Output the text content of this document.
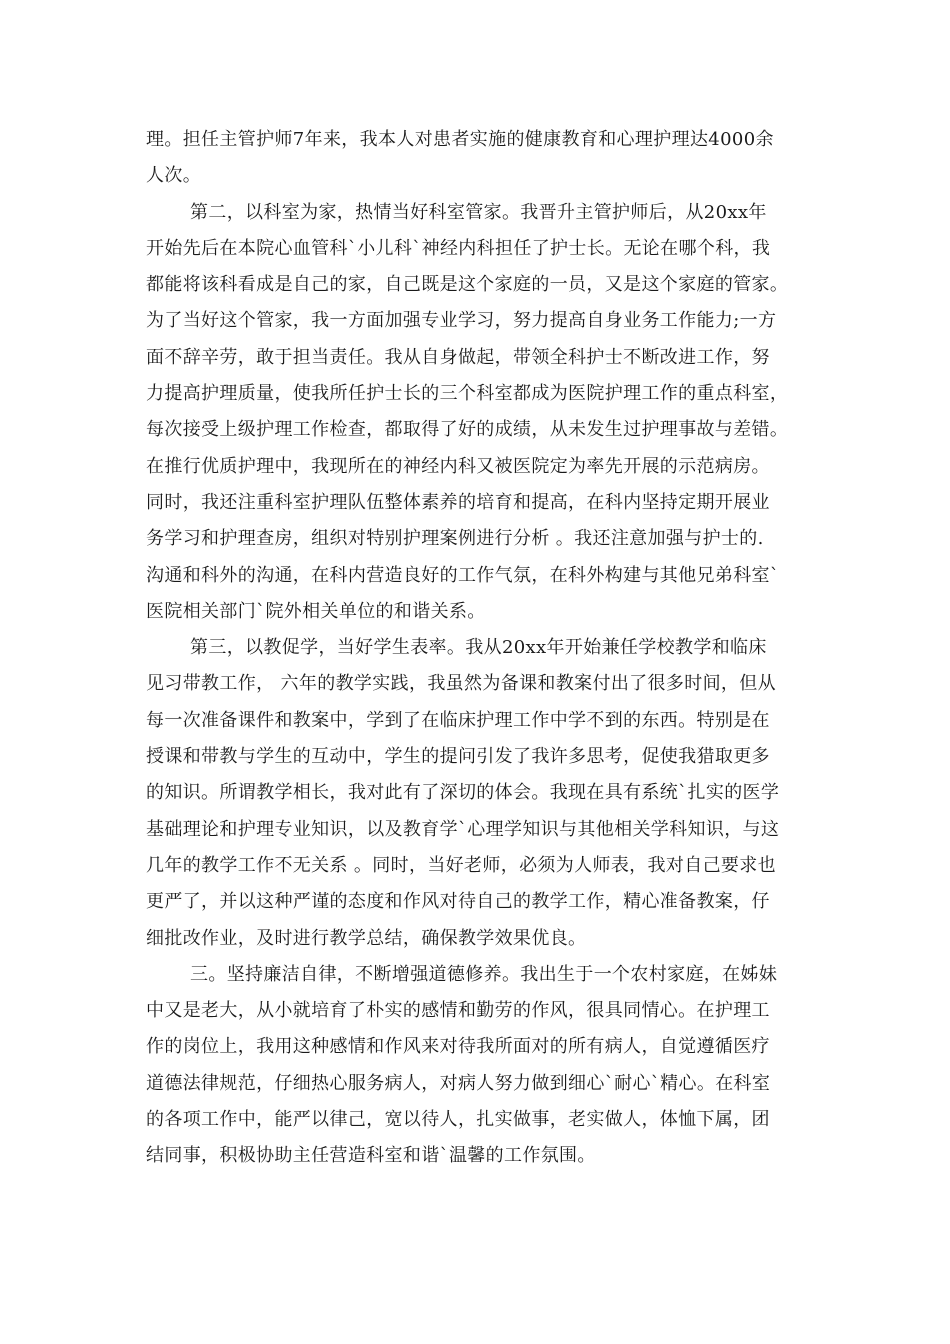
理。担任主管护师7年来，我本人对患者实施的健康教育和心理护理达4000余
人次。

第二，以科室为家，热情当好科室管家。我晋升主管护师后，从20xx年
开始先后在本院心血管科`小儿科`神经内科担任了护士长。无论在哪个科，我
都能将该科看成是自己的家，自己既是这个家庭的一员，又是这个家庭的管家。
为了当好这个管家，我一方面加强专业学习，努力提高自身业务工作能力;一方
面不辞辛劳，敢于担当责任。我从自身做起，带领全科护士不断改进工作，努
力提高护理质量，使我所任护士长的三个科室都成为医院护理工作的重点科室，
每次接受上级护理工作检查，都取得了好的成绩，从未发生过护理事故与差错。
在推行优质护理中，我现所在的神经内科又被医院定为率先开展的示范病房。
同时，我还注重科室护理队伍整体素养的培育和提高，在科内坚持定期开展业
务学习和护理查房，组织对特别护理案例进行分析 。我还注意加强与护士的.
沟通和科外的沟通，在科内营造良好的工作气氛，在科外构建与其他兄弟科室`
医院相关部门`院外相关单位的和谐关系。

第三，以教促学，当好学生表率。我从20xx年开始兼任学校教学和临床
见习带教工作， 六年的教学实践，我虽然为备课和教案付出了很多时间，但从
每一次准备课件和教案中，学到了在临床护理工作中学不到的东西。特别是在
授课和带教与学生的互动中，学生的提问引发了我许多思考，促使我猎取更多
的知识。所谓教学相长，我对此有了深切的体会。我现在具有系统`扎实的医学
基础理论和护理专业知识，以及教育学`心理学知识与其他相关学科知识，与这
几年的教学工作不无关系 。同时，当好老师，必须为人师表，我对自己要求也
更严了，并以这种严谨的态度和作风对待自己的教学工作，精心准备教案，仔
细批改作业，及时进行教学总结，确保教学效果优良。

三。坚持廉洁自律，不断增强道德修养。我出生于一个农村家庭，在姊妹
中又是老大，从小就培育了朴实的感情和勤劳的作风，很具同情心。在护理工
作的岗位上，我用这种感情和作风来对待我所面对的所有病人，自觉遵循医疗
道德法律规范，仔细热心服务病人，对病人努力做到细心`耐心`精心。在科室
的各项工作中，能严以律己，宽以待人，扎实做事，老实做人，体恤下属，团
结同事，积极协助主任营造科室和谐`温馨的工作氛围。
